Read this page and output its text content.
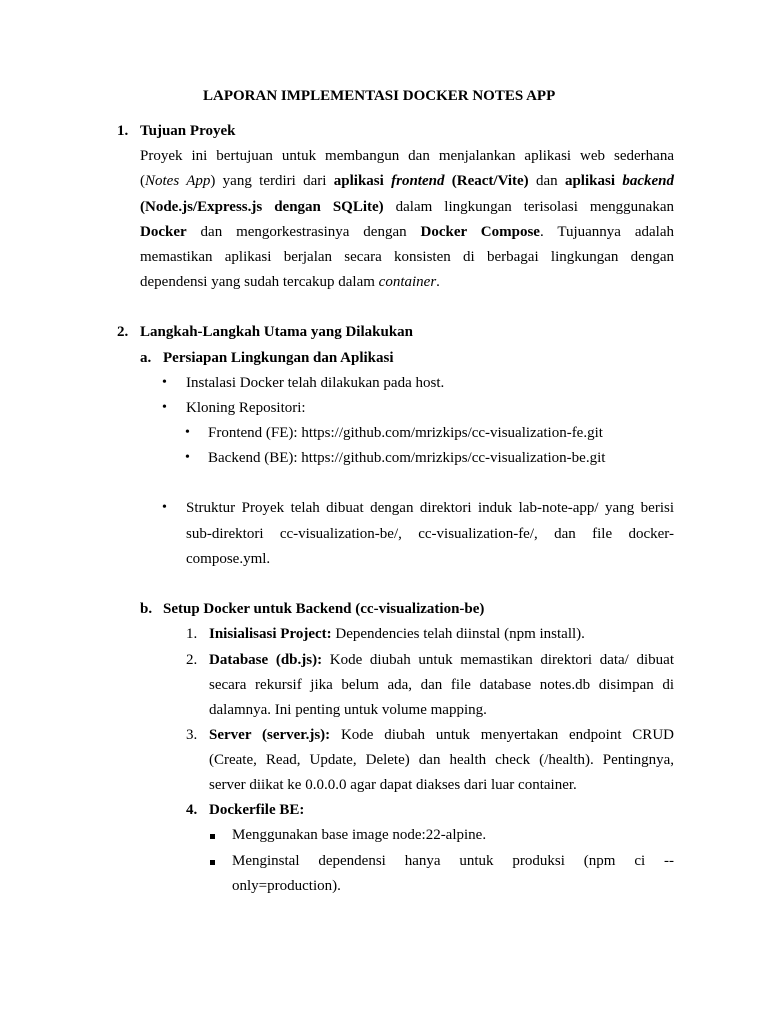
LAPORAN IMPLEMENTASI DOCKER NOTES APP
1. Tujuan Proyek
Proyek ini bertujuan untuk membangun dan menjalankan aplikasi web sederhana
(Notes App) yang terdiri dari aplikasi frontend (React/Vite) dan aplikasi backend
(Node.js/Express.js dengan SQLite) dalam lingkungan terisolasi menggunakan
Docker dan mengorkestrasinya dengan Docker Compose. Tujuannya adalah
memastikan aplikasi berjalan secara konsisten di berbagai lingkungan dengan
dependensi yang sudah tercakup dalam container.
2. Langkah-Langkah Utama yang Dilakukan
a. Persiapan Lingkungan dan Aplikasi
• Instalasi Docker telah dilakukan pada host.
• Kloning Repositori:
• Frontend (FE): https://github.com/mrizkips/cc-visualization-fe.git
• Backend (BE): https://github.com/mrizkips/cc-visualization-be.git
• Struktur Proyek telah dibuat dengan direktori induk lab-note-app/ yang berisi
sub-direktori cc-visualization-be/, cc-visualization-fe/, dan file docker-
compose.yml.
b. Setup Docker untuk Backend (cc-visualization-be)
1. Inisialisasi Project: Dependencies telah diinstal (npm install).
2. Database (db.js): Kode diubah untuk memastikan direktori data/ dibuat
secara rekursif jika belum ada, dan file database notes.db disimpan di
dalamnya. Ini penting untuk volume mapping.
3. Server (server.js): Kode diubah untuk menyertakan endpoint CRUD
(Create, Read, Update, Delete) dan health check (/health). Pentingnya,
server diikat ke 0.0.0.0 agar dapat diakses dari luar container.
4. Dockerfile BE:
Menggunakan base image node:22-alpine.
Menginstal dependensi hanya untuk produksi (npm ci --
only=production).
